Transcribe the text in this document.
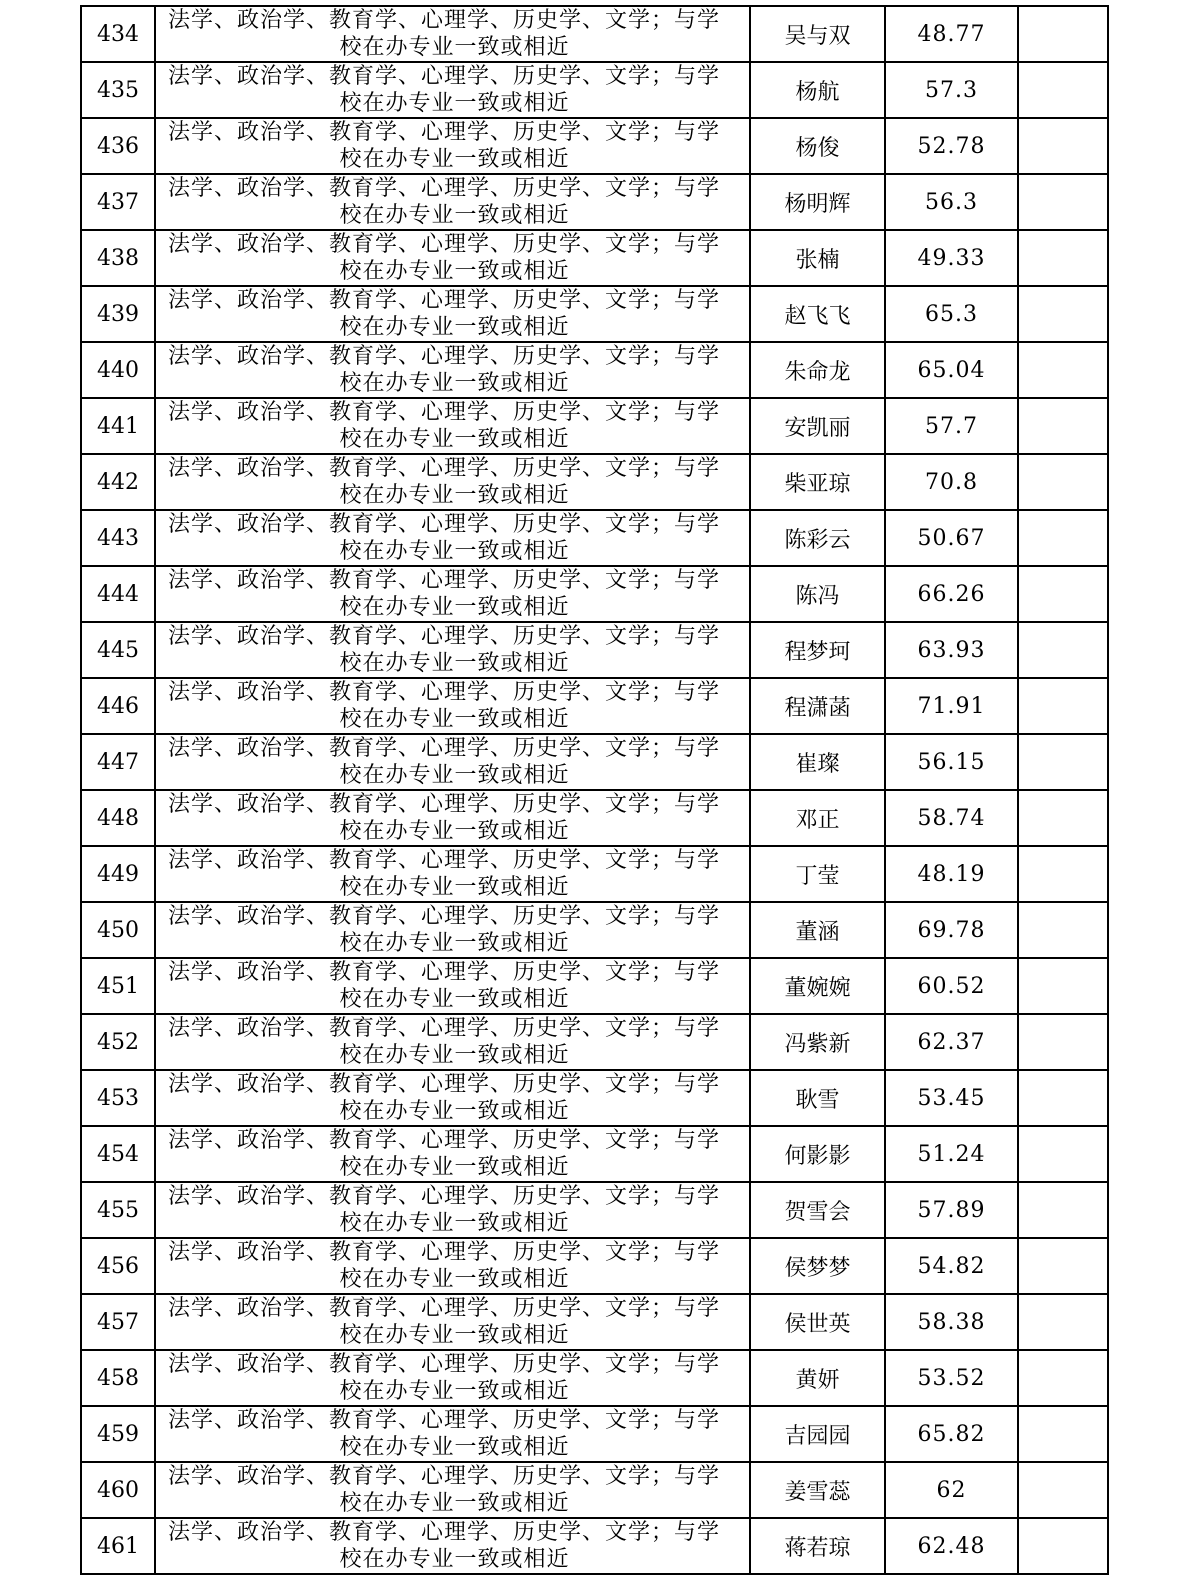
434	法学、政治学、教育学、心理学、历史学、文学；与学
校在办专业一致或相近	吴与双	48.77	
435	法学、政治学、教育学、心理学、历史学、文学；与学
校在办专业一致或相近	杨航	57.3	
436	法学、政治学、教育学、心理学、历史学、文学；与学
校在办专业一致或相近	杨俊	52.78	
437	法学、政治学、教育学、心理学、历史学、文学；与学
校在办专业一致或相近	杨明辉	56.3	
438	法学、政治学、教育学、心理学、历史学、文学；与学
校在办专业一致或相近	张楠	49.33	
439	法学、政治学、教育学、心理学、历史学、文学；与学
校在办专业一致或相近	赵飞飞	65.3	
440	法学、政治学、教育学、心理学、历史学、文学；与学
校在办专业一致或相近	朱命龙	65.04	
441	法学、政治学、教育学、心理学、历史学、文学；与学
校在办专业一致或相近	安凯丽	57.7	
442	法学、政治学、教育学、心理学、历史学、文学；与学
校在办专业一致或相近	柴亚琼	70.8	
443	法学、政治学、教育学、心理学、历史学、文学；与学
校在办专业一致或相近	陈彩云	50.67	
444	法学、政治学、教育学、心理学、历史学、文学；与学
校在办专业一致或相近	陈冯	66.26	
445	法学、政治学、教育学、心理学、历史学、文学；与学
校在办专业一致或相近	程梦珂	63.93	
446	法学、政治学、教育学、心理学、历史学、文学；与学
校在办专业一致或相近	程潇菡	71.91	
447	法学、政治学、教育学、心理学、历史学、文学；与学
校在办专业一致或相近	崔璨	56.15	
448	法学、政治学、教育学、心理学、历史学、文学；与学
校在办专业一致或相近	邓正	58.74	
449	法学、政治学、教育学、心理学、历史学、文学；与学
校在办专业一致或相近	丁莹	48.19	
450	法学、政治学、教育学、心理学、历史学、文学；与学
校在办专业一致或相近	董涵	69.78	
451	法学、政治学、教育学、心理学、历史学、文学；与学
校在办专业一致或相近	董婉婉	60.52	
452	法学、政治学、教育学、心理学、历史学、文学；与学
校在办专业一致或相近	冯紫新	62.37	
453	法学、政治学、教育学、心理学、历史学、文学；与学
校在办专业一致或相近	耿雪	53.45	
454	法学、政治学、教育学、心理学、历史学、文学；与学
校在办专业一致或相近	何影影	51.24	
455	法学、政治学、教育学、心理学、历史学、文学；与学
校在办专业一致或相近	贺雪会	57.89	
456	法学、政治学、教育学、心理学、历史学、文学；与学
校在办专业一致或相近	侯梦梦	54.82	
457	法学、政治学、教育学、心理学、历史学、文学；与学
校在办专业一致或相近	侯世英	58.38	
458	法学、政治学、教育学、心理学、历史学、文学；与学
校在办专业一致或相近	黄妍	53.52	
459	法学、政治学、教育学、心理学、历史学、文学；与学
校在办专业一致或相近	吉园园	65.82	
460	法学、政治学、教育学、心理学、历史学、文学；与学
校在办专业一致或相近	姜雪蕊	62	
461	法学、政治学、教育学、心理学、历史学、文学；与学
校在办专业一致或相近	蒋若琼	62.48	
